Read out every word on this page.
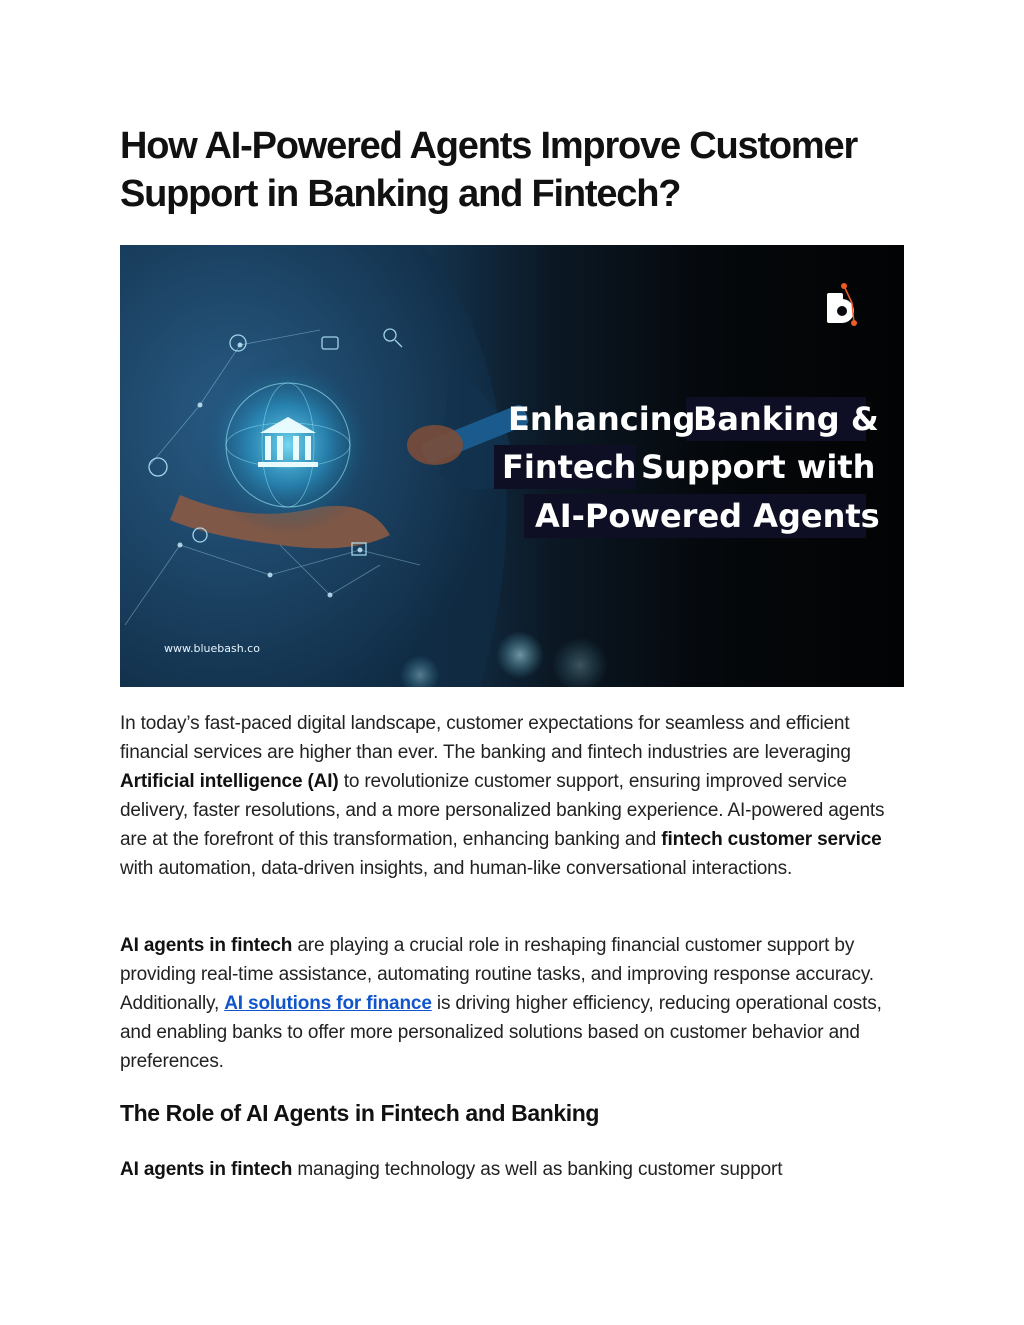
How AI-Powered Agents Improve Customer Support in Banking and Fintech?
Enhancing
Banking &
Fintech Support with
AI-Powered Agents
www.bluebash.co

In today’s fast-paced digital landscape, customer expectations for seamless and efficient financial services are higher than ever. The banking and fintech industries are leveraging Artificial intelligence (AI) to revolutionize customer support, ensuring improved service delivery, faster resolutions, and a more personalized banking experience. AI-powered agents are at the forefront of this transformation, enhancing banking and fintech customer service with automation, data-driven insights, and human-like conversational interactions.

AI agents in fintech are playing a crucial role in reshaping financial customer support by providing real-time assistance, automating routine tasks, and improving response accuracy. Additionally, AI solutions for finance is driving higher efficiency, reducing operational costs, and enabling banks to offer more personalized solutions based on customer behavior and preferences.

The Role of AI Agents in Fintech and Banking

AI agents in fintech managing technology as well as banking customer support
